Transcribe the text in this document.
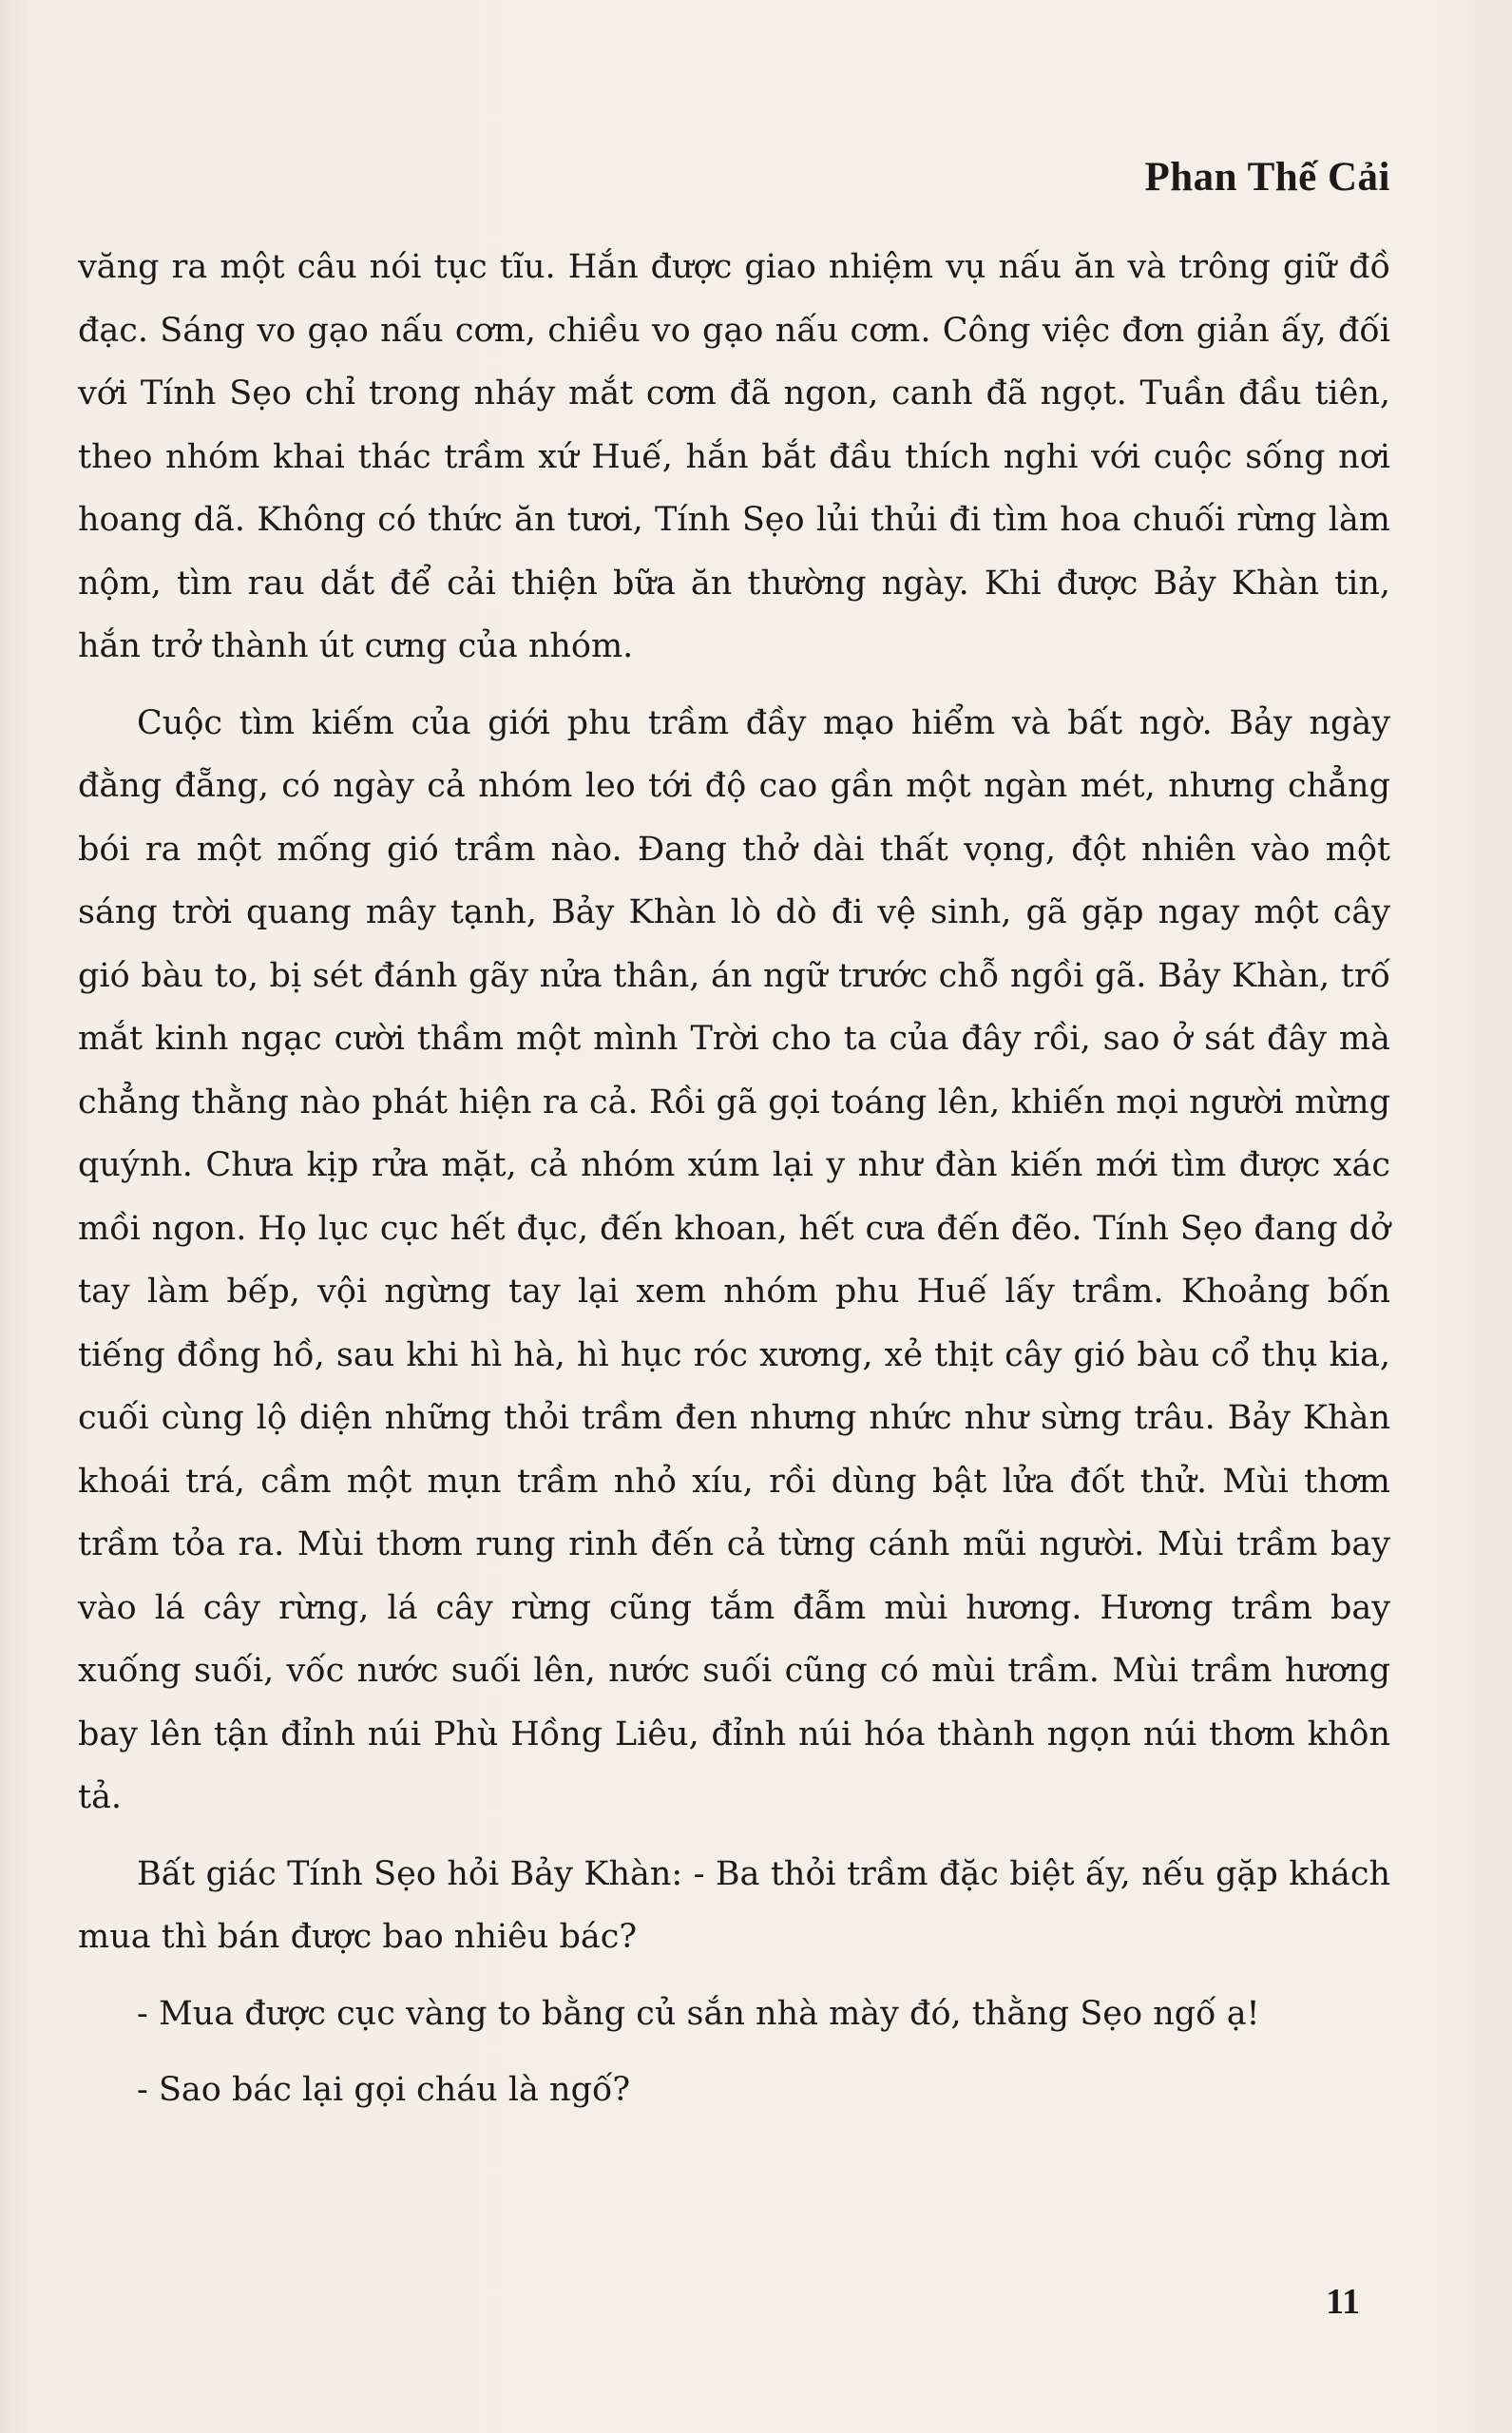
Phan Thế Cải

văng ra một câu nói tục tĩu. Hắn được giao nhiệm vụ nấu ăn và trông giữ đồ đạc. Sáng vo gạo nấu cơm, chiều vo gạo nấu cơm. Công việc đơn giản ấy, đối với Tính Sẹo chỉ trong nháy mắt cơm đã ngon, canh đã ngọt. Tuần đầu tiên, theo nhóm khai thác trầm xứ Huế, hắn bắt đầu thích nghi với cuộc sống nơi hoang dã. Không có thức ăn tươi, Tính Sẹo lủi thủi đi tìm hoa chuối rừng làm nộm, tìm rau dắt để cải thiện bữa ăn thường ngày. Khi được Bảy Khàn tin, hắn trở thành út cưng của nhóm.

Cuộc tìm kiếm của giới phu trầm đầy mạo hiểm và bất ngờ. Bảy ngày đằng đẵng, có ngày cả nhóm leo tới độ cao gần một ngàn mét, nhưng chẳng bói ra một mống gió trầm nào. Đang thở dài thất vọng, đột nhiên vào một sáng trời quang mây tạnh, Bảy Khàn lò dò đi vệ sinh, gã gặp ngay một cây gió bàu to, bị sét đánh gãy nửa thân, án ngữ trước chỗ ngồi gã. Bảy Khàn, trố mắt kinh ngạc cười thầm một mình Trời cho ta của đây rồi, sao ở sát đây mà chẳng thằng nào phát hiện ra cả. Rồi gã gọi toáng lên, khiến mọi người mừng quýnh. Chưa kịp rửa mặt, cả nhóm xúm lại y như đàn kiến mới tìm được xác mồi ngon. Họ lục cục hết đục, đến khoan, hết cưa đến đẽo. Tính Sẹo đang dở tay làm bếp, vội ngừng tay lại xem nhóm phu Huế lấy trầm. Khoảng bốn tiếng đồng hồ, sau khi hì hà, hì hục róc xương, xẻ thịt cây gió bàu cổ thụ kia, cuối cùng lộ diện những thỏi trầm đen nhưng nhức như sừng trâu. Bảy Khàn khoái trá, cầm một mụn trầm nhỏ xíu, rồi dùng bật lửa đốt thử. Mùi thơm trầm tỏa ra. Mùi thơm rung rinh đến cả từng cánh mũi người. Mùi trầm bay vào lá cây rừng, lá cây rừng cũng tắm đẫm mùi hương. Hương trầm bay xuống suối, vốc nước suối lên, nước suối cũng có mùi trầm. Mùi trầm hương bay lên tận đỉnh núi Phù Hồng Liêu, đỉnh núi hóa thành ngọn núi thơm khôn tả.

Bất giác Tính Sẹo hỏi Bảy Khàn: - Ba thỏi trầm đặc biệt ấy, nếu gặp khách mua thì bán được bao nhiêu bác?

- Mua được cục vàng to bằng củ sắn nhà mày đó, thằng Sẹo ngố ạ!

- Sao bác lại gọi cháu là ngố?

11
